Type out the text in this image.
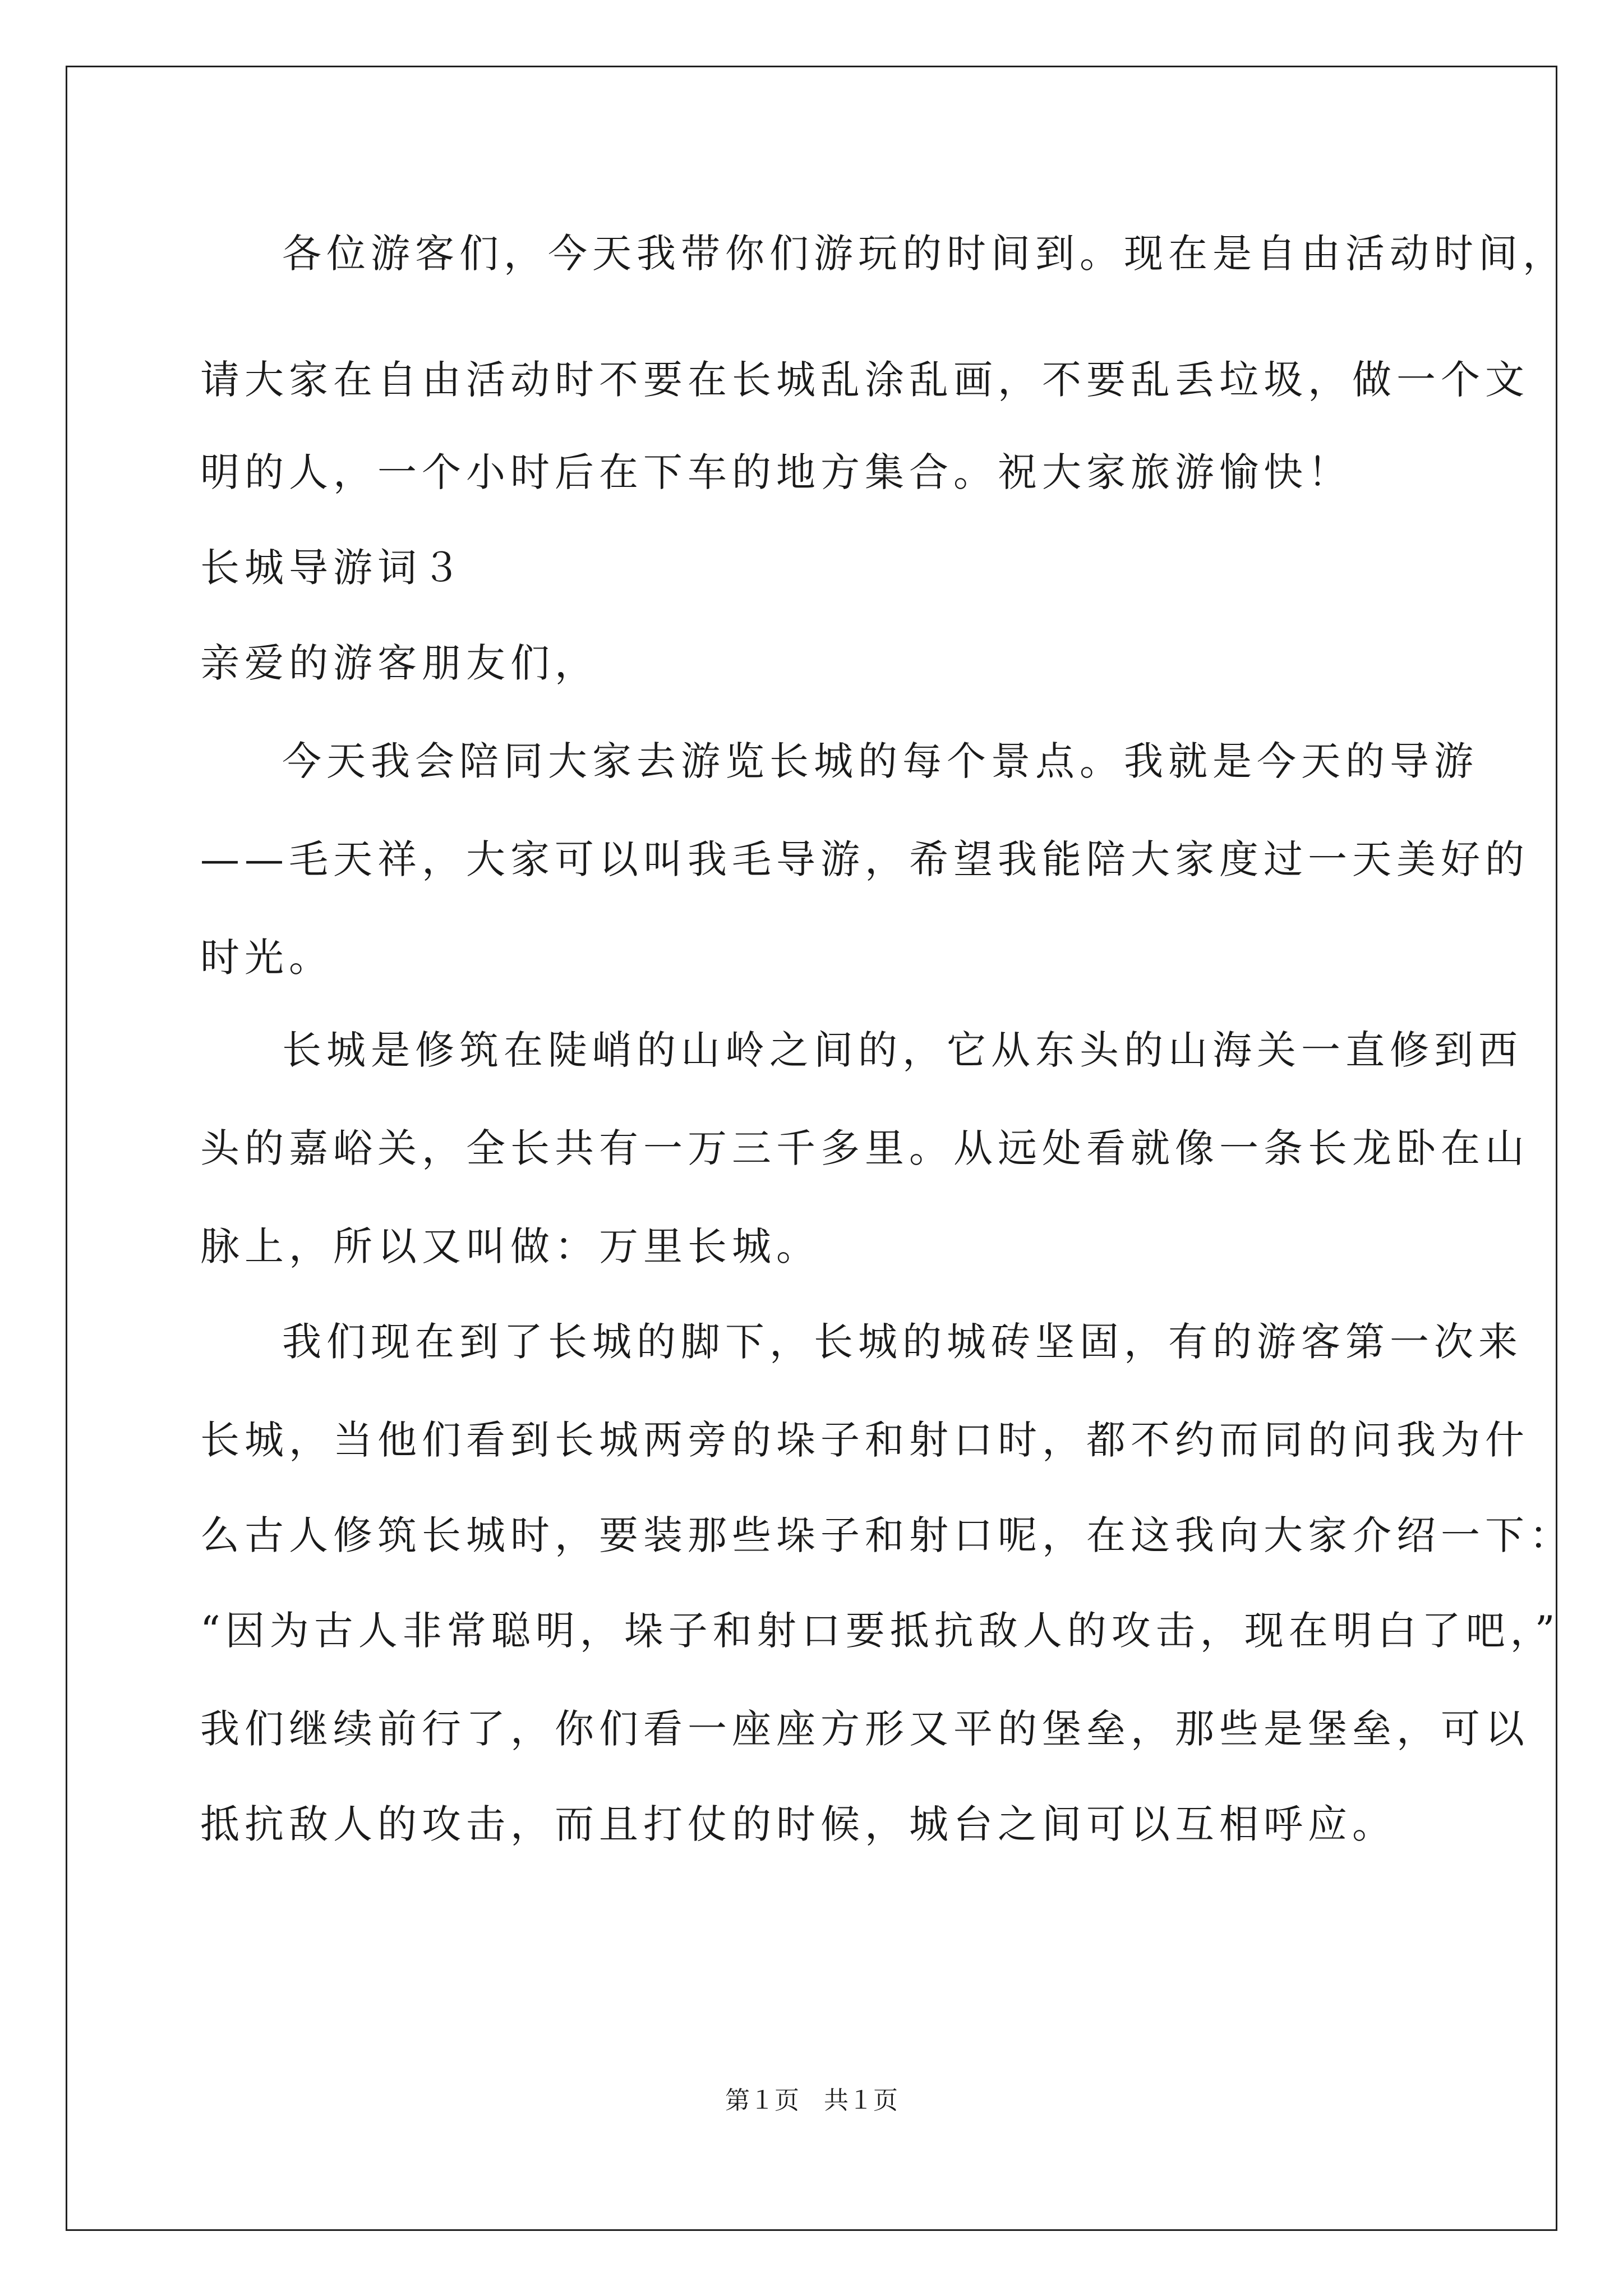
各位游客们，今天我带你们游玩的时间到。现在是自由活动时间，
请大家在自由活动时不要在长城乱涂乱画，不要乱丢垃圾，做一个文
明的人，一个小时后在下车的地方集合。祝大家旅游愉快！
长城导游词３
亲爱的游客朋友们，
今天我会陪同大家去游览长城的每个景点。我就是今天的导游
——毛天祥，大家可以叫我毛导游，希望我能陪大家度过一天美好的
时光。
长城是修筑在陡峭的山岭之间的，它从东头的山海关一直修到西
头的嘉峪关，全长共有一万三千多里。从远处看就像一条长龙卧在山
脉上，所以又叫做：万里长城。
我们现在到了长城的脚下，长城的城砖坚固，有的游客第一次来
长城，当他们看到长城两旁的垛子和射口时，都不约而同的问我为什
么古人修筑长城时，要装那些垛子和射口呢，在这我向大家介绍一下：
“因为古人非常聪明，垛子和射口要抵抗敌人的攻击，现在明白了吧，”
我们继续前行了，你们看一座座方形又平的堡垒，那些是堡垒，可以
抵抗敌人的攻击，而且打仗的时候，城台之间可以互相呼应。
第１页　共１页
